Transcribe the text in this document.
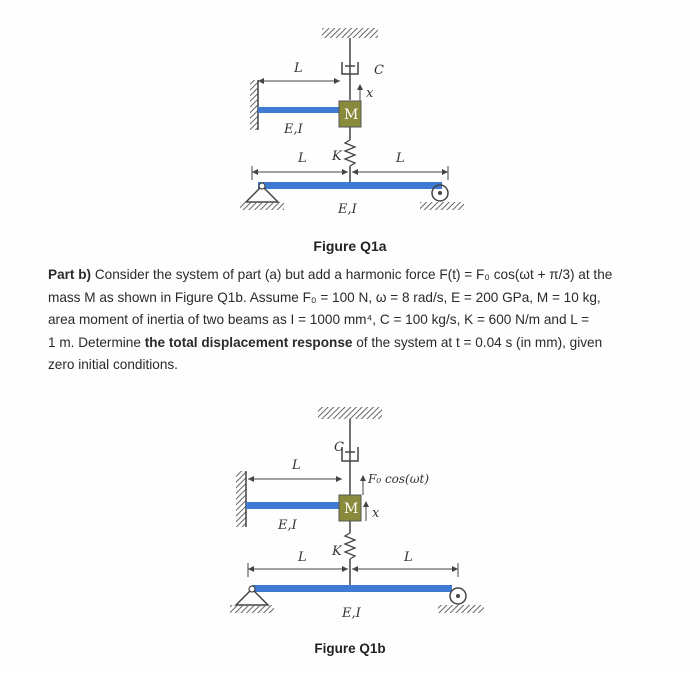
C
L
x
M
E,I
K
L	L
E,I
Figure Q1a
Part b) Consider the system of part (a) but add a harmonic force F(t) = F₀ cos(ωt + π/3) at the
mass M as shown in Figure Q1b. Assume F₀ = 100 N, ω = 8 rad/s, E = 200 GPa, M = 10 kg,
area moment of inertia of two beams as I = 1000 mm⁴, C = 100 kg/s, K = 600 N/m and L =
1 m. Determine the total displacement response of the system at t = 0.04 s (in mm), given
zero initial conditions.
C
L
F₀ cos(ωt)
M x
E,I
K
L	L
E,I
Figure Q1b
